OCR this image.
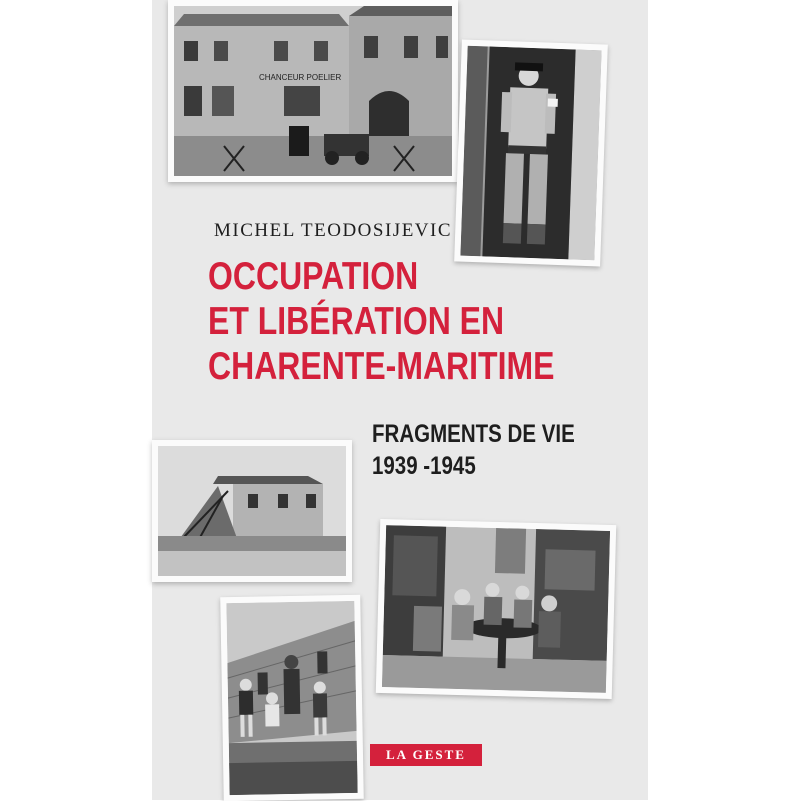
CHANCEUR POELIER
MICHEL TEODOSIJEVIC
OCCUPATION
ET LIBÉRATION EN
CHARENTE-MARITIME
FRAGMENTS DE VIE
1939 -1945
LA GESTE
